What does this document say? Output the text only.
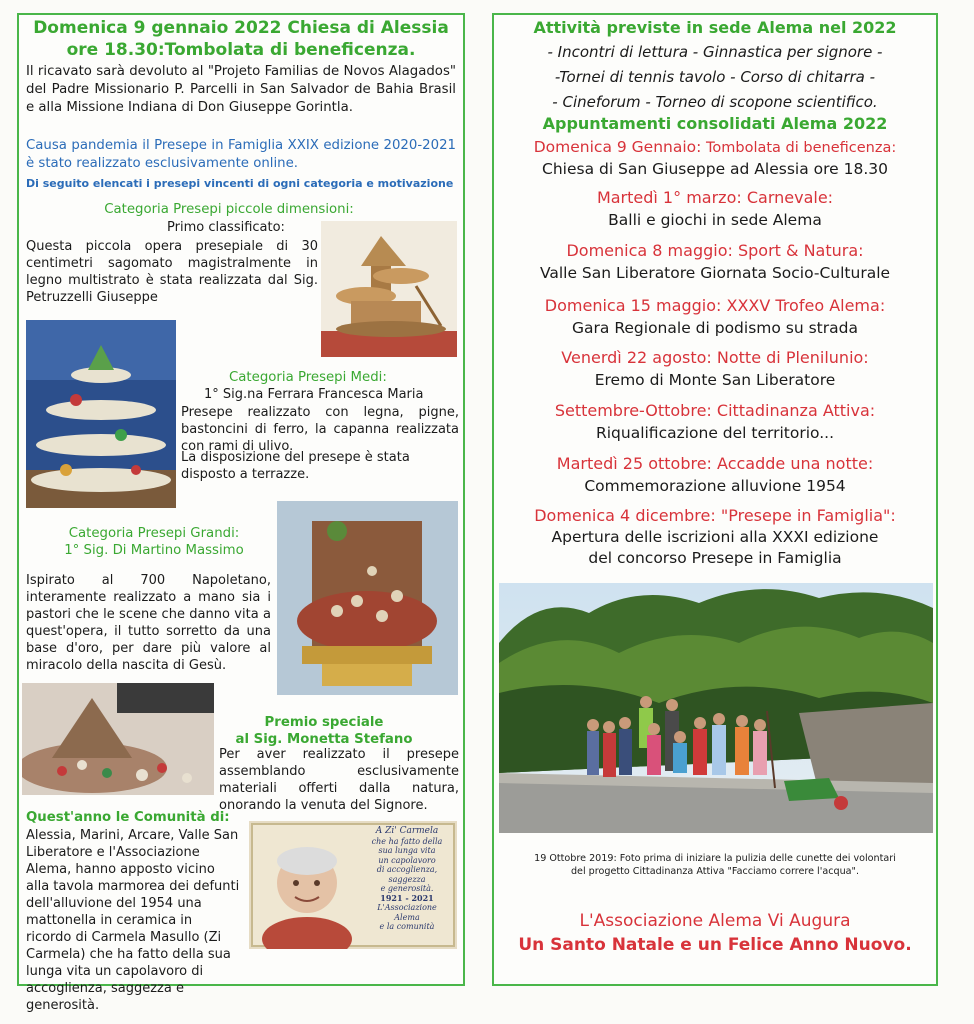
Domenica 9 gennaio 2022 Chiesa di Alessia
ore 18.30:Tombolata di beneficenza.
Il ricavato sarà devoluto al "Projeto Familias de Novos Alagados" del Padre Missionario P. Parcelli in San Salvador de Bahia Brasil e alla Missione Indiana di Don Giuseppe Gorintla.
Causa pandemia il Presepe in Famiglia XXIX edizione 2020-2021 è stato realizzato esclusivamente online.
Di seguito elencati i presepi vincenti di ogni categoria e motivazione
Categoria Presepi piccole dimensioni:
Primo classificato:
Questa piccola opera presepiale di 30 centimetri sagomato magistralmente in legno multistrato è stata realizzata dal Sig. Petruzzelli Giuseppe
Categoria Presepi Medi:
1° Sig.na Ferrara Francesca Maria
Presepe realizzato con legna, pigne, bastoncini di ferro, la capanna realizzata con rami di ulivo.
La disposizione del presepe è stata disposto a terrazze.
Categoria Presepi Grandi:
1° Sig. Di Martino Massimo
Ispirato al 700 Napoletano, interamente realizzato a mano sia i pastori che le scene che danno vita a quest'opera, il tutto sorretto da una base d'oro, per dare più valore al miracolo della nascita di Gesù.
Premio speciale
al Sig. Monetta Stefano
Per aver realizzato il presepe assemblando esclusivamente materiali offerti dalla natura, onorando la venuta del Signore.
Quest'anno le Comunità di:
Alessia, Marini, Arcare, Valle San Liberatore e l'Associazione Alema, hanno apposto vicino alla tavola marmorea dei defunti dell'alluvione del 1954 una mattonella in ceramica in ricordo di Carmela Masullo (Zi Carmela) che ha fatto della sua lunga vita un capolavoro di accoglienza, saggezza e generosità.
A Zi' Carmela
che ha fatto della
sua lunga vita
un capolavoro
di accoglienza,
saggezza
e generosità.
1921 - 2021
L'Associazione
Alema
e la comunità
Attività previste in sede Alema nel 2022
- Incontri di lettura - Ginnastica per signore -
-Tornei di tennis tavolo - Corso di chitarra -
- Cineforum - Torneo di scopone scientifico.
Appuntamenti consolidati Alema 2022
Domenica 9 Gennaio: Tombolata di beneficenza:
Chiesa di San Giuseppe ad Alessia ore 18.30
Martedì 1° marzo: Carnevale:
Balli e giochi in sede Alema
Domenica 8 maggio: Sport & Natura:
Valle San Liberatore Giornata Socio-Culturale
Domenica 15 maggio: XXXV Trofeo Alema:
Gara Regionale di podismo su strada
Venerdì 22 agosto: Notte di Plenilunio:
Eremo di Monte San Liberatore
Settembre-Ottobre: Cittadinanza Attiva:
Riqualificazione del territorio...
Martedì 25 ottobre: Accadde una notte:
Commemorazione alluvione 1954
Domenica 4 dicembre: "Presepe in Famiglia":
Apertura delle iscrizioni alla XXXI edizione
del concorso Presepe in Famiglia
19 Ottobre 2019: Foto prima di iniziare la pulizia delle cunette dei volontari
del progetto Cittadinanza Attiva "Facciamo correre l'acqua".
L'Associazione Alema Vi Augura
Un Santo Natale e un Felice Anno Nuovo.
